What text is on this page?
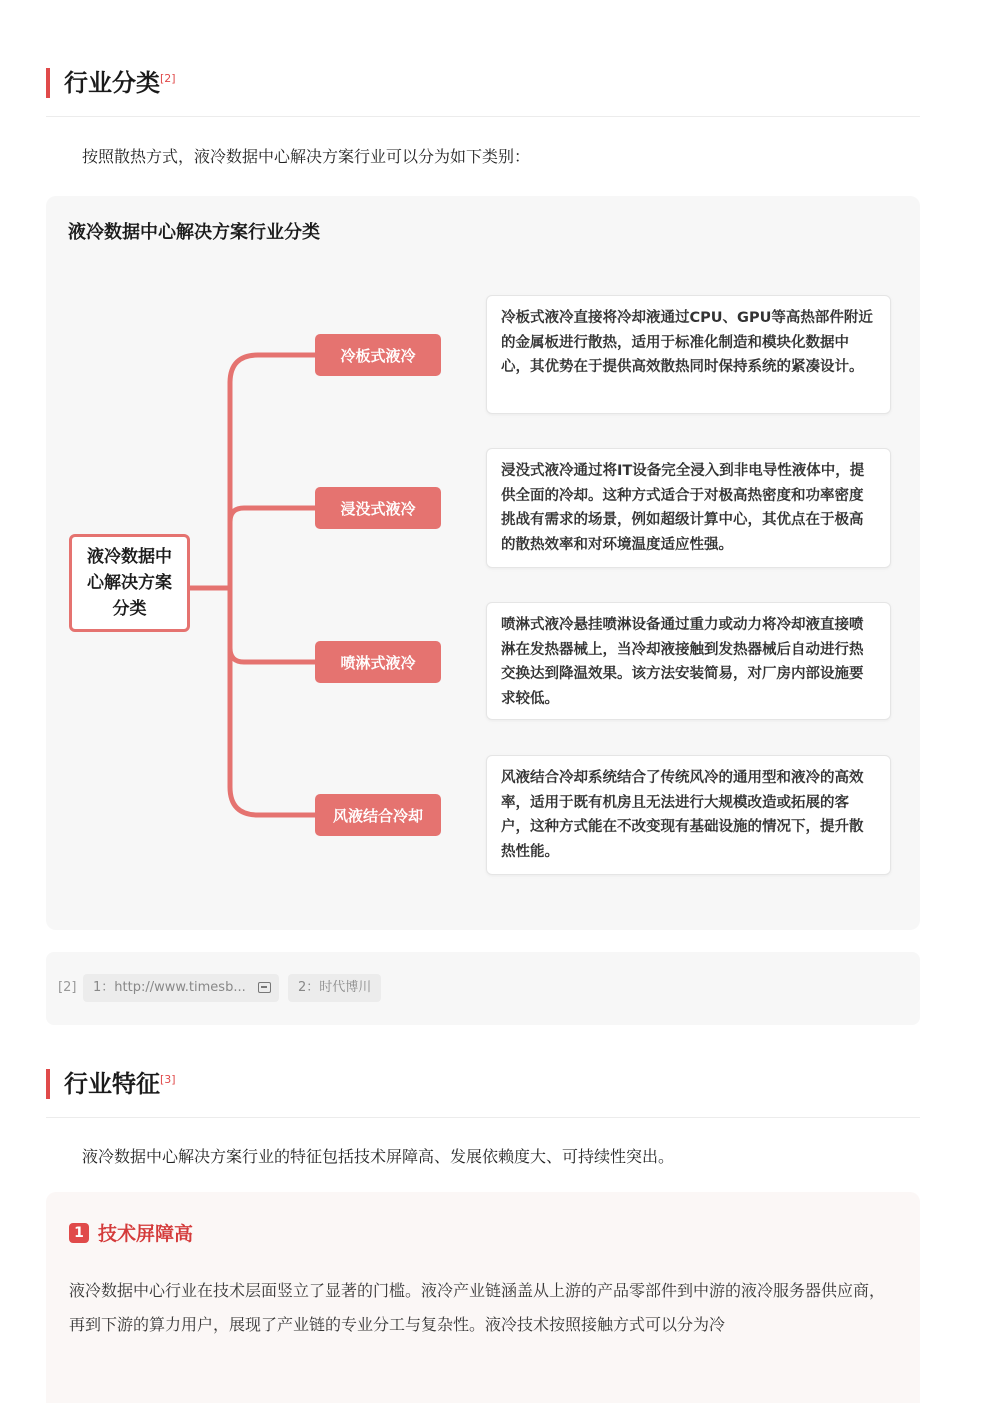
行业分类[2]
按照散热方式，液冷数据中心解决方案行业可以分为如下类别：
液冷数据中心解决方案行业分类
液冷数据中心解决方案分类
冷板式液冷
浸没式液冷
喷淋式液冷
风液结合冷却
冷板式液冷直接将冷却液通过CPU、GPU等高热部件附近的金属板进行散热，适用于标准化制造和模块化数据中心，其优势在于提供高效散热同时保持系统的紧凑设计。
浸没式液冷通过将IT设备完全浸入到非电导性液体中，提供全面的冷却。这种方式适合于对极高热密度和功率密度挑战有需求的场景，例如超级计算中心，其优点在于极高的散热效率和对环境温度适应性强。
喷淋式液冷悬挂喷淋设备通过重力或动力将冷却液直接喷淋在发热器械上，当冷却液接触到发热器械后自动进行热交换达到降温效果。该方法安装简易，对厂房内部设施要求较低。
风液结合冷却系统结合了传统风冷的通用型和液冷的高效率，适用于既有机房且无法进行大规模改造或拓展的客户，这种方式能在不改变现有基础设施的情况下，提升散热性能。
[2]	1：http://www.timesb...	2：时代博川
行业特征[3]
液冷数据中心解决方案行业的特征包括技术屏障高、发展依赖度大、可持续性突出。
1 技术屏障高
液冷数据中心行业在技术层面竖立了显著的门槛。液冷产业链涵盖从上游的产品零部件到中游的液冷服务器供应商，再到下游的算力用户，展现了产业链的专业分工与复杂性。液冷技术按照接触方式可以分为冷
